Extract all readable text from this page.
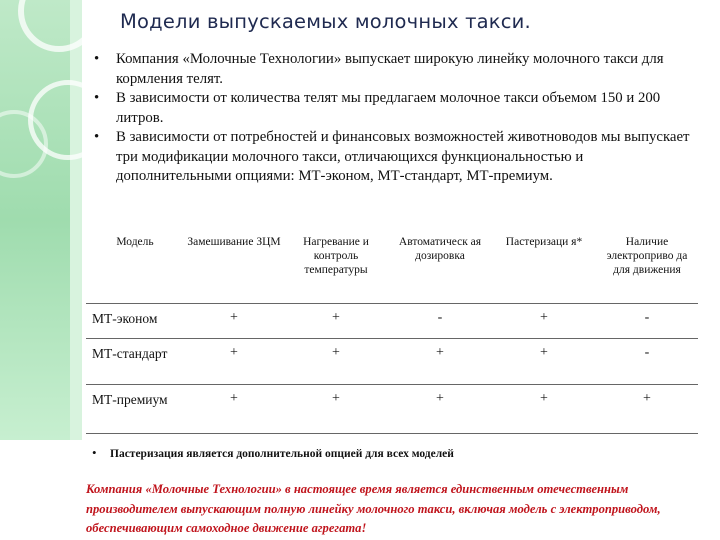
Модели выпускаемых молочных такси.
• Компания «Молочные Технологии» выпускает широкую линейку молочного такси для кормления телят.
• В зависимости от количества телят мы предлагаем молочное такси объемом 150 и 200 литров.
• В зависимости от потребностей и финансовых возможностей животноводов мы выпускает три модификации молочного такси, отличающихся функциональностью и дополнительными опциями: МТ-эконом, МТ-стандарт, МТ-премиум.
Модель	Замешивание ЗЦМ	Нагревание и контроль температуры	Автоматическ ая дозировка	Пастеризаци я*	Наличие электроприво да для движения
МТ-эконом	+	+	-	+	-
МТ-стандарт	+	+	+	+	-
МТ-премиум	+	+	+	+	+
• Пастеризация является дополнительной опцией для всех моделей
Компания «Молочные Технологии» в настоящее время является единственным отечественным производителем выпускающим полную линейку молочного такси, включая модель с электроприводом, обеспечивающим самоходное движение агрегата!
